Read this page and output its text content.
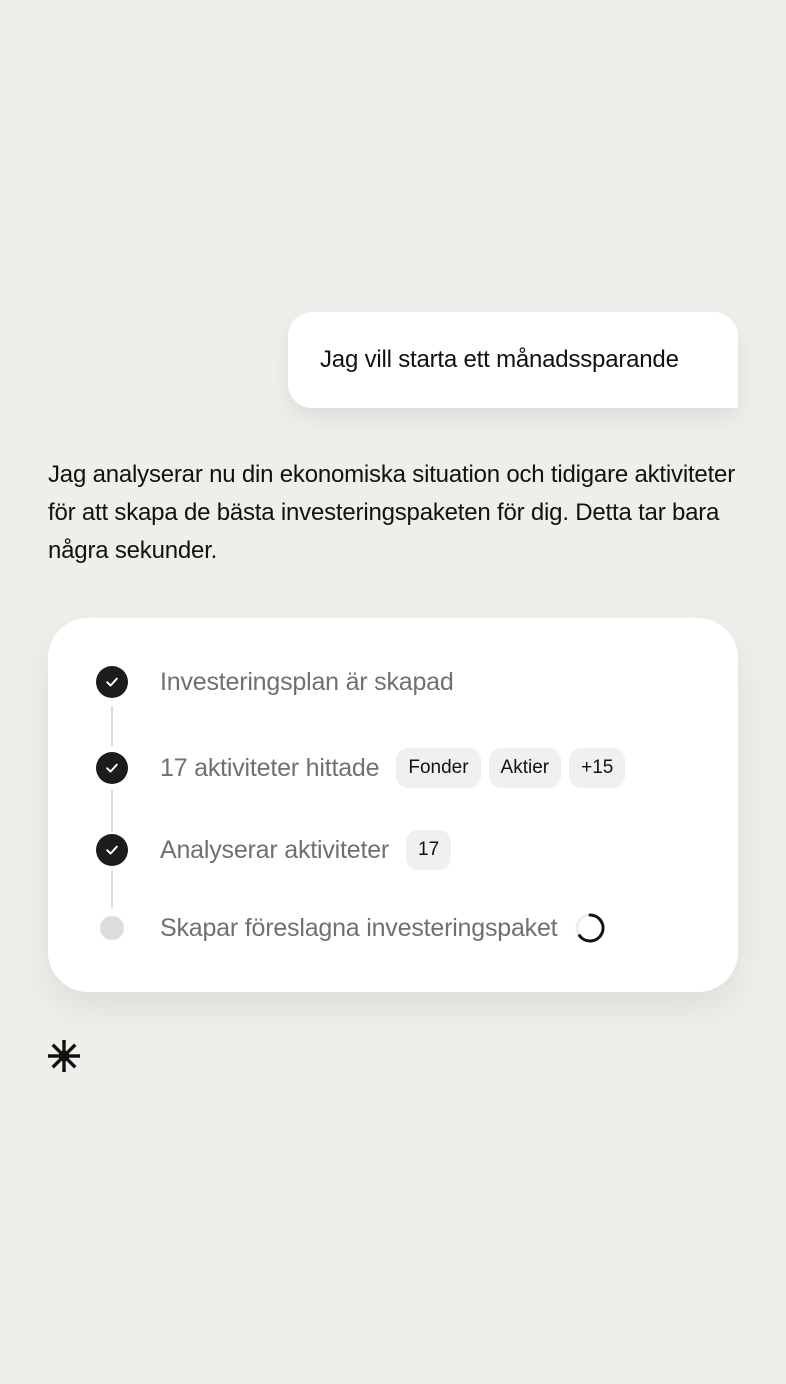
Jag vill starta ett månadssparande

Jag analyserar nu din ekonomiska situation och tidigare aktiviteter för att skapa de bästa investeringspaketen för dig. Detta tar bara några sekunder.

Investeringsplan är skapad
17 aktiviteter hittade	Fonder	Aktier	+15
Analyserar aktiviteter	17
Skapar föreslagna investeringspaket
